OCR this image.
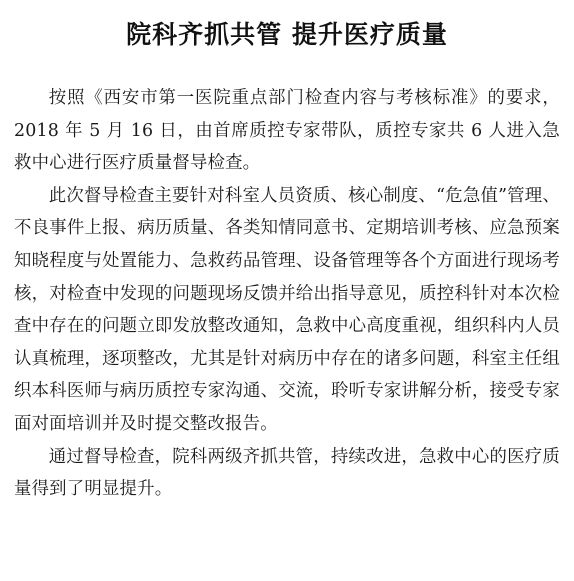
院科齐抓共管 提升医疗质量

按照《西安市第一医院重点部门检查内容与考核标准》的要求，2018 年 5 月 16 日，由首席质控专家带队，质控专家共 6 人进入急救中心进行医疗质量督导检查。

此次督导检查主要针对科室人员资质、核心制度、“危急值”管理、不良事件上报、病历质量、各类知情同意书、定期培训考核、应急预案知晓程度与处置能力、急救药品管理、设备管理等各个方面进行现场考核，对检查中发现的问题现场反馈并给出指导意见，质控科针对本次检查中存在的问题立即发放整改通知，急救中心高度重视，组织科内人员认真梳理，逐项整改，尤其是针对病历中存在的诸多问题，科室主任组织本科医师与病历质控专家沟通、交流，聆听专家讲解分析，接受专家面对面培训并及时提交整改报告。

通过督导检查，院科两级齐抓共管，持续改进，急救中心的医疗质量得到了明显提升。
